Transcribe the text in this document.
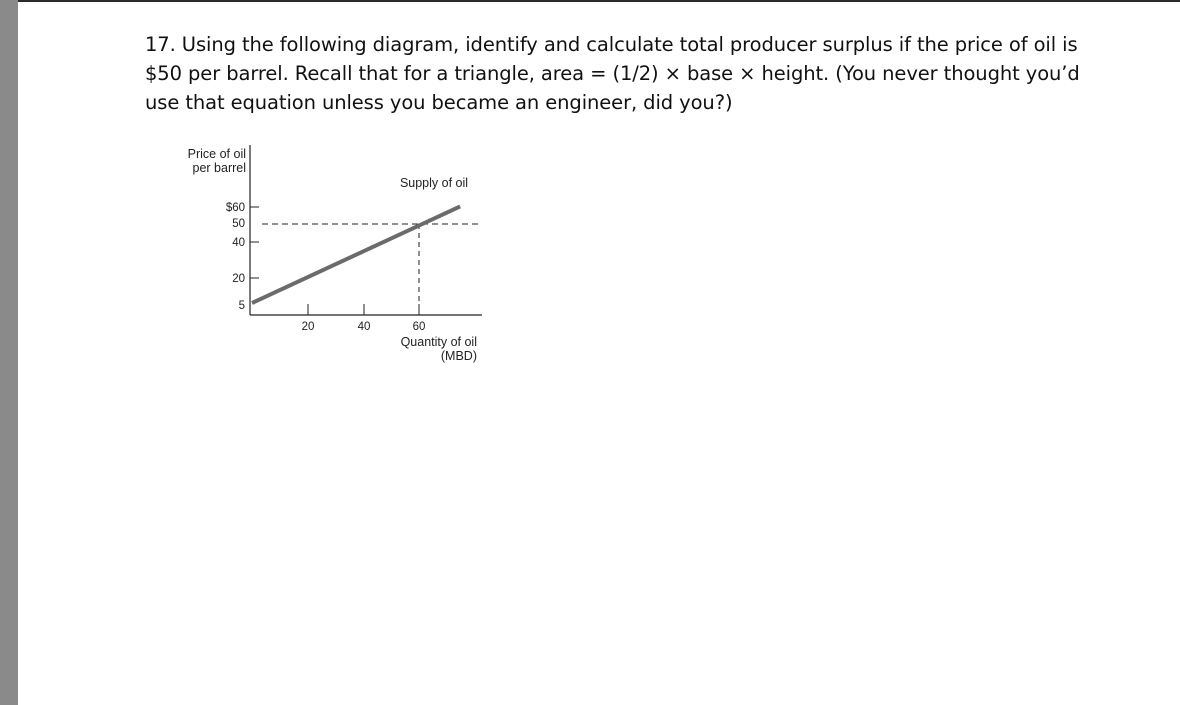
17. Using the following diagram, identify and calculate total producer surplus if the price of oil is $50 per barrel. Recall that for a triangle, area = (1/2) × base × height. (You never thought you’d use that equation unless you became an engineer, did you?)

Price of oil
per barrel
Quantity of oil
(MBD)
$60
50
40
20
5
20	40	60
Supply of oil
